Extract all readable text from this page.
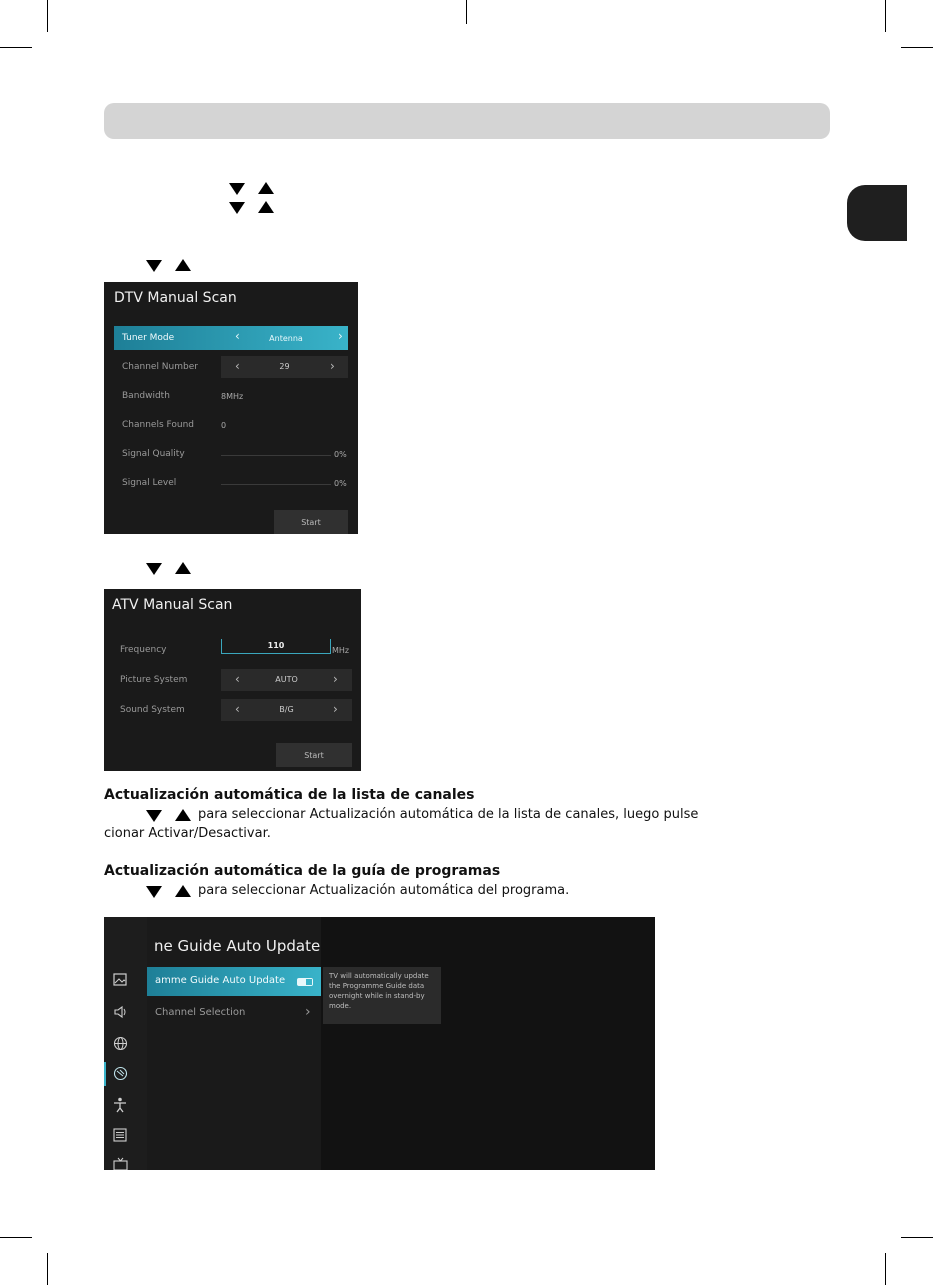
DTV Manual Scan
Tuner Mode	‹	Antenna	›
Channel Number	‹	29	›
Bandwidth	8MHz
Channels Found	0
Signal Quality	0%
Signal Level	0%
Start
ATV Manual Scan
Frequency	110
MHz
Picture System	‹	AUTO	›
Sound System	‹	B/G	›
Start
Actualización automática de la lista de canales
para seleccionar Actualización automática de la lista de canales, luego pulse
cionar Activar/Desactivar.
Actualización automática de la guía de programas
para seleccionar Actualización automática del programa.
ne Guide Auto Update
amme Guide Auto Update
Channel Selection	›
TV will automatically update the Programme Guide data overnight while in stand-by mode.
